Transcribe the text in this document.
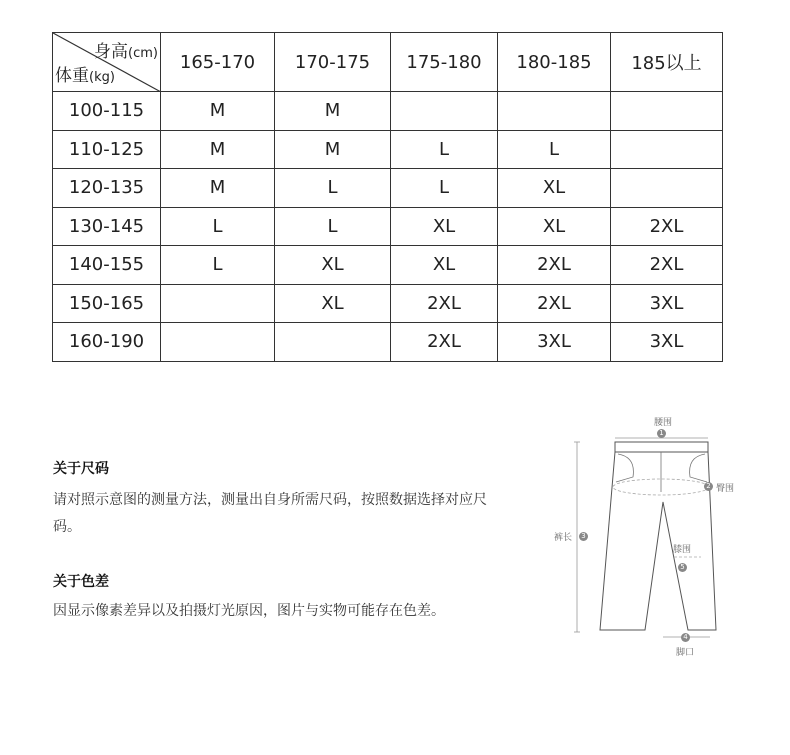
身高(cm)
体重(kg)	165-170	170-175	175-180	180-185	185以上
100-115	M	M			
110-125	M	M	L	L	
120-135	M	L	L	XL	
130-145	L	L	XL	XL	2XL
140-155	L	XL	XL	2XL	2XL
150-165		XL	2XL	2XL	3XL
160-190			2XL	3XL	3XL
关于尺码
请对照示意图的测量方法，测量出自身所需尺码，按照数据选择对应尺码。
关于色差
因显示像素差异以及拍摄灯光原因，图片与实物可能存在色差。
腰围
1
2 臀围
裤长	3
膝围
5
4
脚口
